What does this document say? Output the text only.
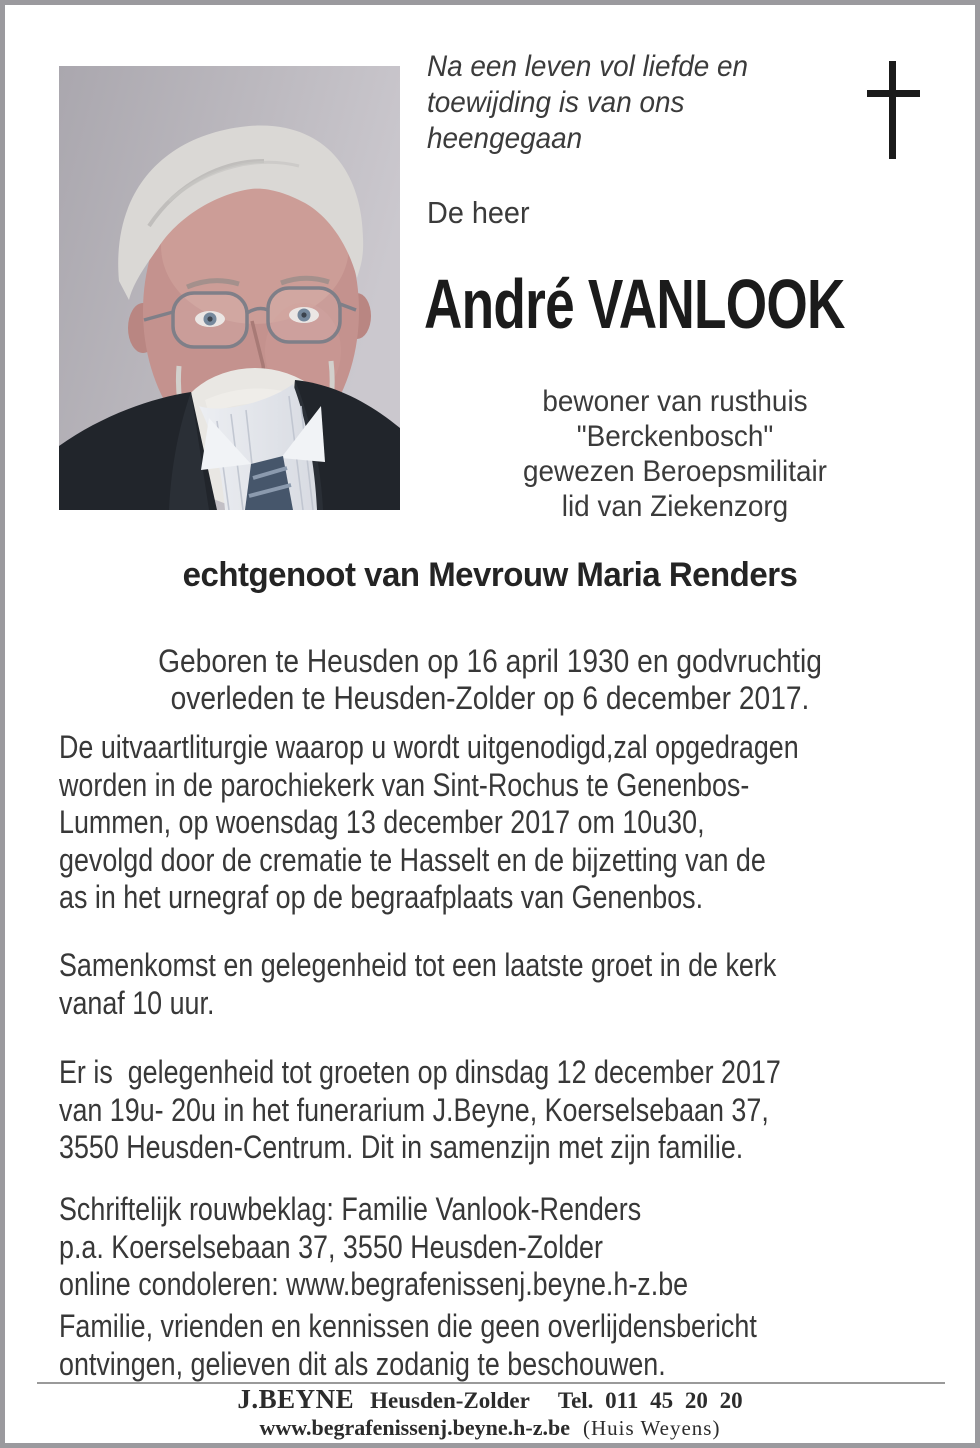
Na een leven vol liefde en
toewijding is van ons
heengegaan
De heer
André VANLOOK
bewoner van rusthuis
"Berckenbosch"
gewezen Beroepsmilitair
lid van Ziekenzorg
echtgenoot van Mevrouw Maria Renders
Geboren te Heusden op 16 april 1930 en godvruchtig
overleden te Heusden-Zolder op 6 december 2017.
De uitvaartliturgie waarop u wordt uitgenodigd,zal opgedragen
worden in de parochiekerk van Sint-Rochus te Genenbos-
Lummen, op woensdag 13 december 2017 om 10u30,
gevolgd door de crematie te Hasselt en de bijzetting van de
as in het urnegraf op de begraafplaats van Genenbos.
Samenkomst en gelegenheid tot een laatste groet in de kerk
vanaf 10 uur.
Er is  gelegenheid tot groeten op dinsdag 12 december 2017
van 19u- 20u in het funerarium J.Beyne, Koerselsebaan 37,
3550 Heusden-Centrum. Dit in samenzijn met zijn familie.
Schriftelijk rouwbeklag: Familie Vanlook-Renders
p.a. Koerselsebaan 37, 3550 Heusden-Zolder
online condoleren: www.begrafenissenj.beyne.h-z.be
Familie, vrienden en kennissen die geen overlijdensbericht
ontvingen, gelieven dit als zodanig te beschouwen.
J.BEYNE Heusden-Zolder Tel. 011 45 20 20
www.begrafenissenj.beyne.h-z.be (Huis Weyens)
